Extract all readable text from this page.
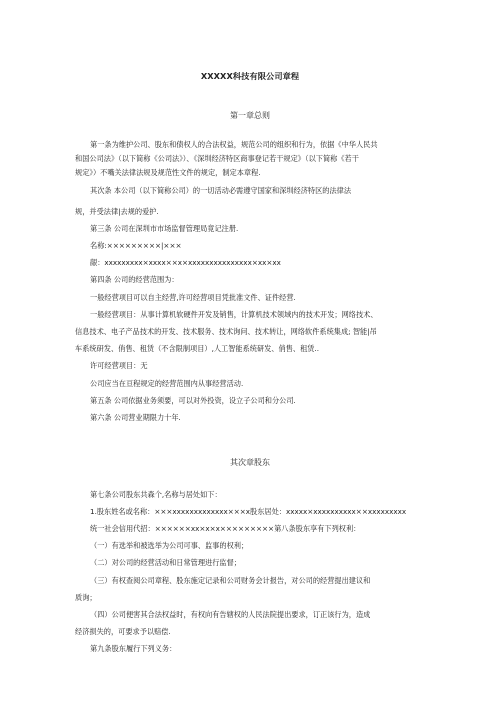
XXXXX科技有限公司章程
第一章总则
第一条为维护公司、股东和债权人的合法权益，规范公司的组织和行为，依据《中华人民共
和国公司法》（以下简称《公司法》）、《深圳经济特区商事登记若干规定》（以下简称《若干
规定》）不嘴关法律法规及规范性文件的规定，制定本章程.
其次条 本公司（以下简称公司）的一切活动必需遵守国家和深圳经济特区的法律法
规，并受法律|去规的爱护.
第三条 公司在深圳市市场监督管理局竟记注册.
名称:×××××××××|×××
龈：xxxxxxxxx×xxxx××x×xxxxxxxxxxxxxxx×xx×xx
第四条 公司的经营范围为：
一般经营项目可以自主经营,许可经营项目凭批准文件、证件经营.
一般经营项目：从事计算机软硬件开发及销售，计算机技术领域内的技术开发；网络技术、
信息技术、电子产品技术的开发、技术服务、技术询问、技术转让，网络软件系统集成; 智能|吊
车系统研发、俏售、租赁（不含限制项目）,人工智能系统研发、俏售、租赁..
许可经营项目：无
公司应当在亘程规定的经营范围内从事经营活动.
第五条 公司依据业务须要，可以对外投资，设立子公司和分公司.
第六条 公司营业期限力十年.
其次章股东
第七条公司股东共森个,名称与居处如下：
1.股东姓名或名称：×××xxxxxxxxxxxxx×××x股东居处：xxxxx×xxxxxxxxxx××xxxxxxxxx
统一社会信用代招：××××××xx×x×x×××××××××第八条股东享有下列权利：
（一）有选举和被选举为公司可事、监事的权利；
（二）对公司的经营活动和日常管理进行监督；
（三）有权查阅公司章程、股东施定记录和公司财务会计报告，对公司的经营提出建议和
质询；
（四）公司便害其合法权益时，有权向有告辖权的人民法院提出要求，订正该行为，造成
经济损失的，可要求予以赔偿.
第九条股东履行下列义务：
